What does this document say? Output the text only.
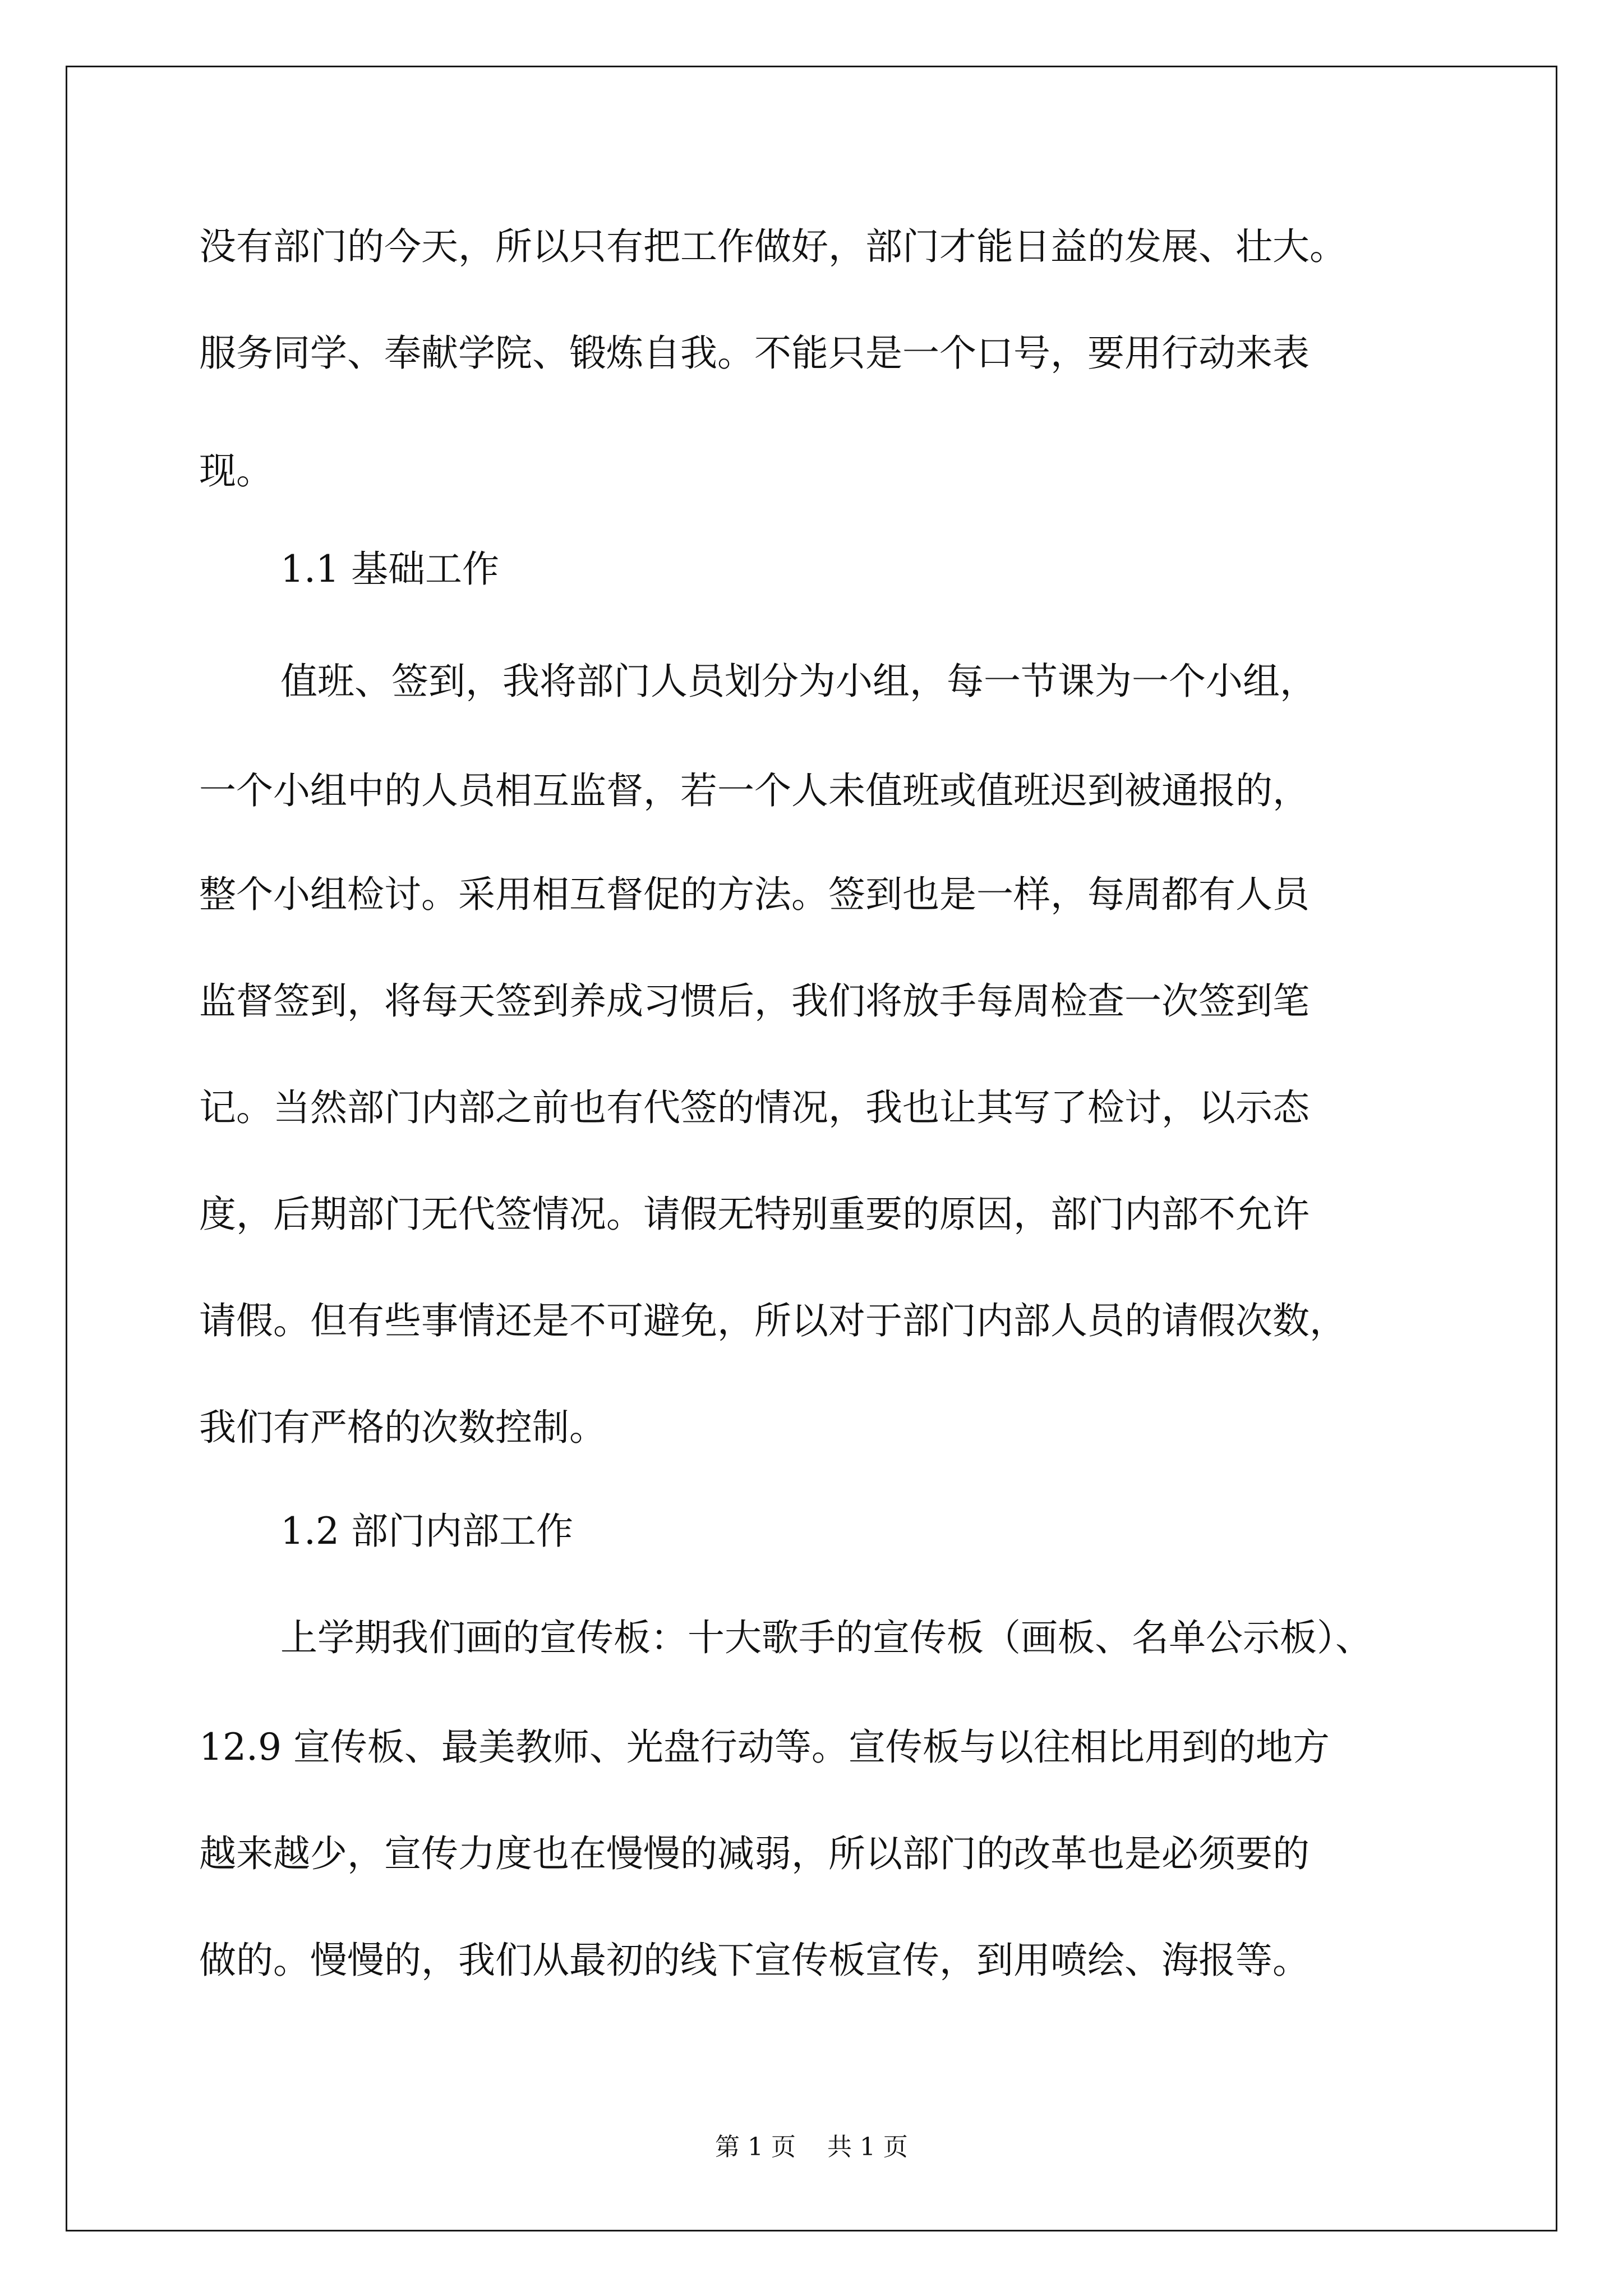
没有部门的今天，所以只有把工作做好，部门才能日益的发展、壮大。
服务同学、奉献学院、锻炼自我。不能只是一个口号，要用行动来表
现。
1.1 基础工作
值班、签到，我将部门人员划分为小组，每一节课为一个小组，
一个小组中的人员相互监督，若一个人未值班或值班迟到被通报的，
整个小组检讨。采用相互督促的方法。签到也是一样，每周都有人员
监督签到，将每天签到养成习惯后，我们将放手每周检查一次签到笔
记。当然部门内部之前也有代签的情况，我也让其写了检讨，以示态
度，后期部门无代签情况。请假无特别重要的原因，部门内部不允许
请假。但有些事情还是不可避免，所以对于部门内部人员的请假次数，
我们有严格的次数控制。
1.2 部门内部工作
上学期我们画的宣传板：十大歌手的宣传板（画板、名单公示板）、
12.9 宣传板、最美教师、光盘行动等。宣传板与以往相比用到的地方
越来越少，宣传力度也在慢慢的减弱，所以部门的改革也是必须要的
做的。慢慢的，我们从最初的线下宣传板宣传，到用喷绘、海报等。
第 1 页    共 1 页
